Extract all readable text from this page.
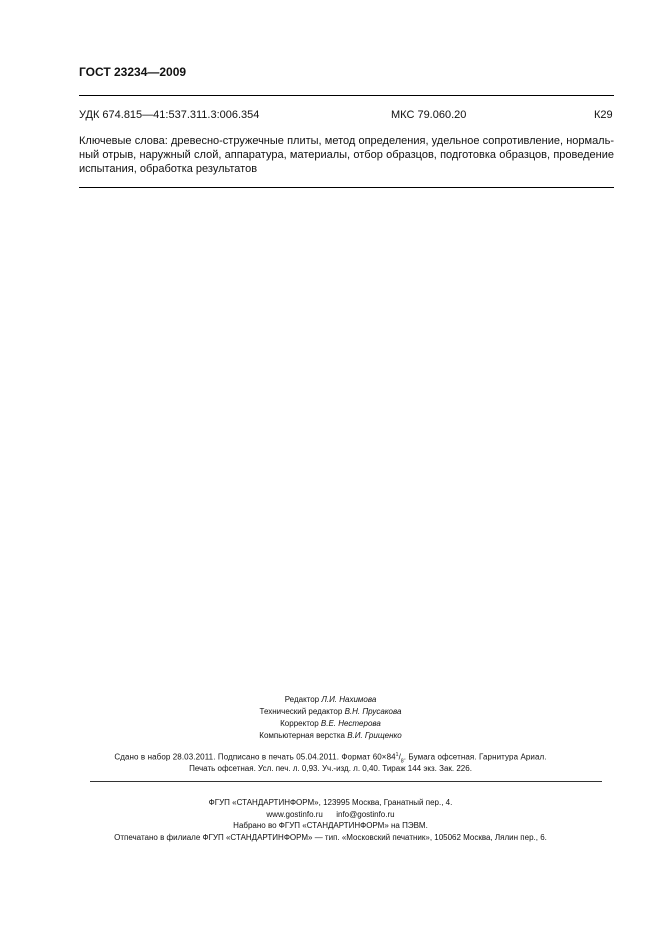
ГОСТ 23234—2009
УДК 674.815—41:537.311.3:006.354	МКС 79.060.20	К29
Ключевые слова: древесно-стружечные плиты, метод определения, удельное сопротивление, нормаль-
ный отрыв, наружный слой, аппаратура, материалы, отбор образцов, подготовка образцов, проведение
испытания, обработка результатов
Редактор Л.И. Нахимова
Технический редактор В.Н. Прусакова
Корректор В.Е. Нестерова
Компьютерная верстка В.И. Грищенко
Сдано в набор 28.03.2011. Подписано в печать 05.04.2011. Формат $60\times 84^1/_8$. Бумага офсетная. Гарнитура Ариал.
Печать офсетная. Усл. печ. л. 0,93. Уч.-изд. л. 0,40. Тираж 144 экз. Зак. 226.
ФГУП «СТАНДАРТИНФОРМ», 123995 Москва, Гранатный пер., 4.
www.gostinfo.ru info@gostinfo.ru
Набрано во ФГУП «СТАНДАРТИНФОРМ» на ПЭВМ.
Отпечатано в филиале ФГУП «СТАНДАРТИНФОРМ» — тип. «Московский печатник», 105062 Москва, Лялин пер., 6.
